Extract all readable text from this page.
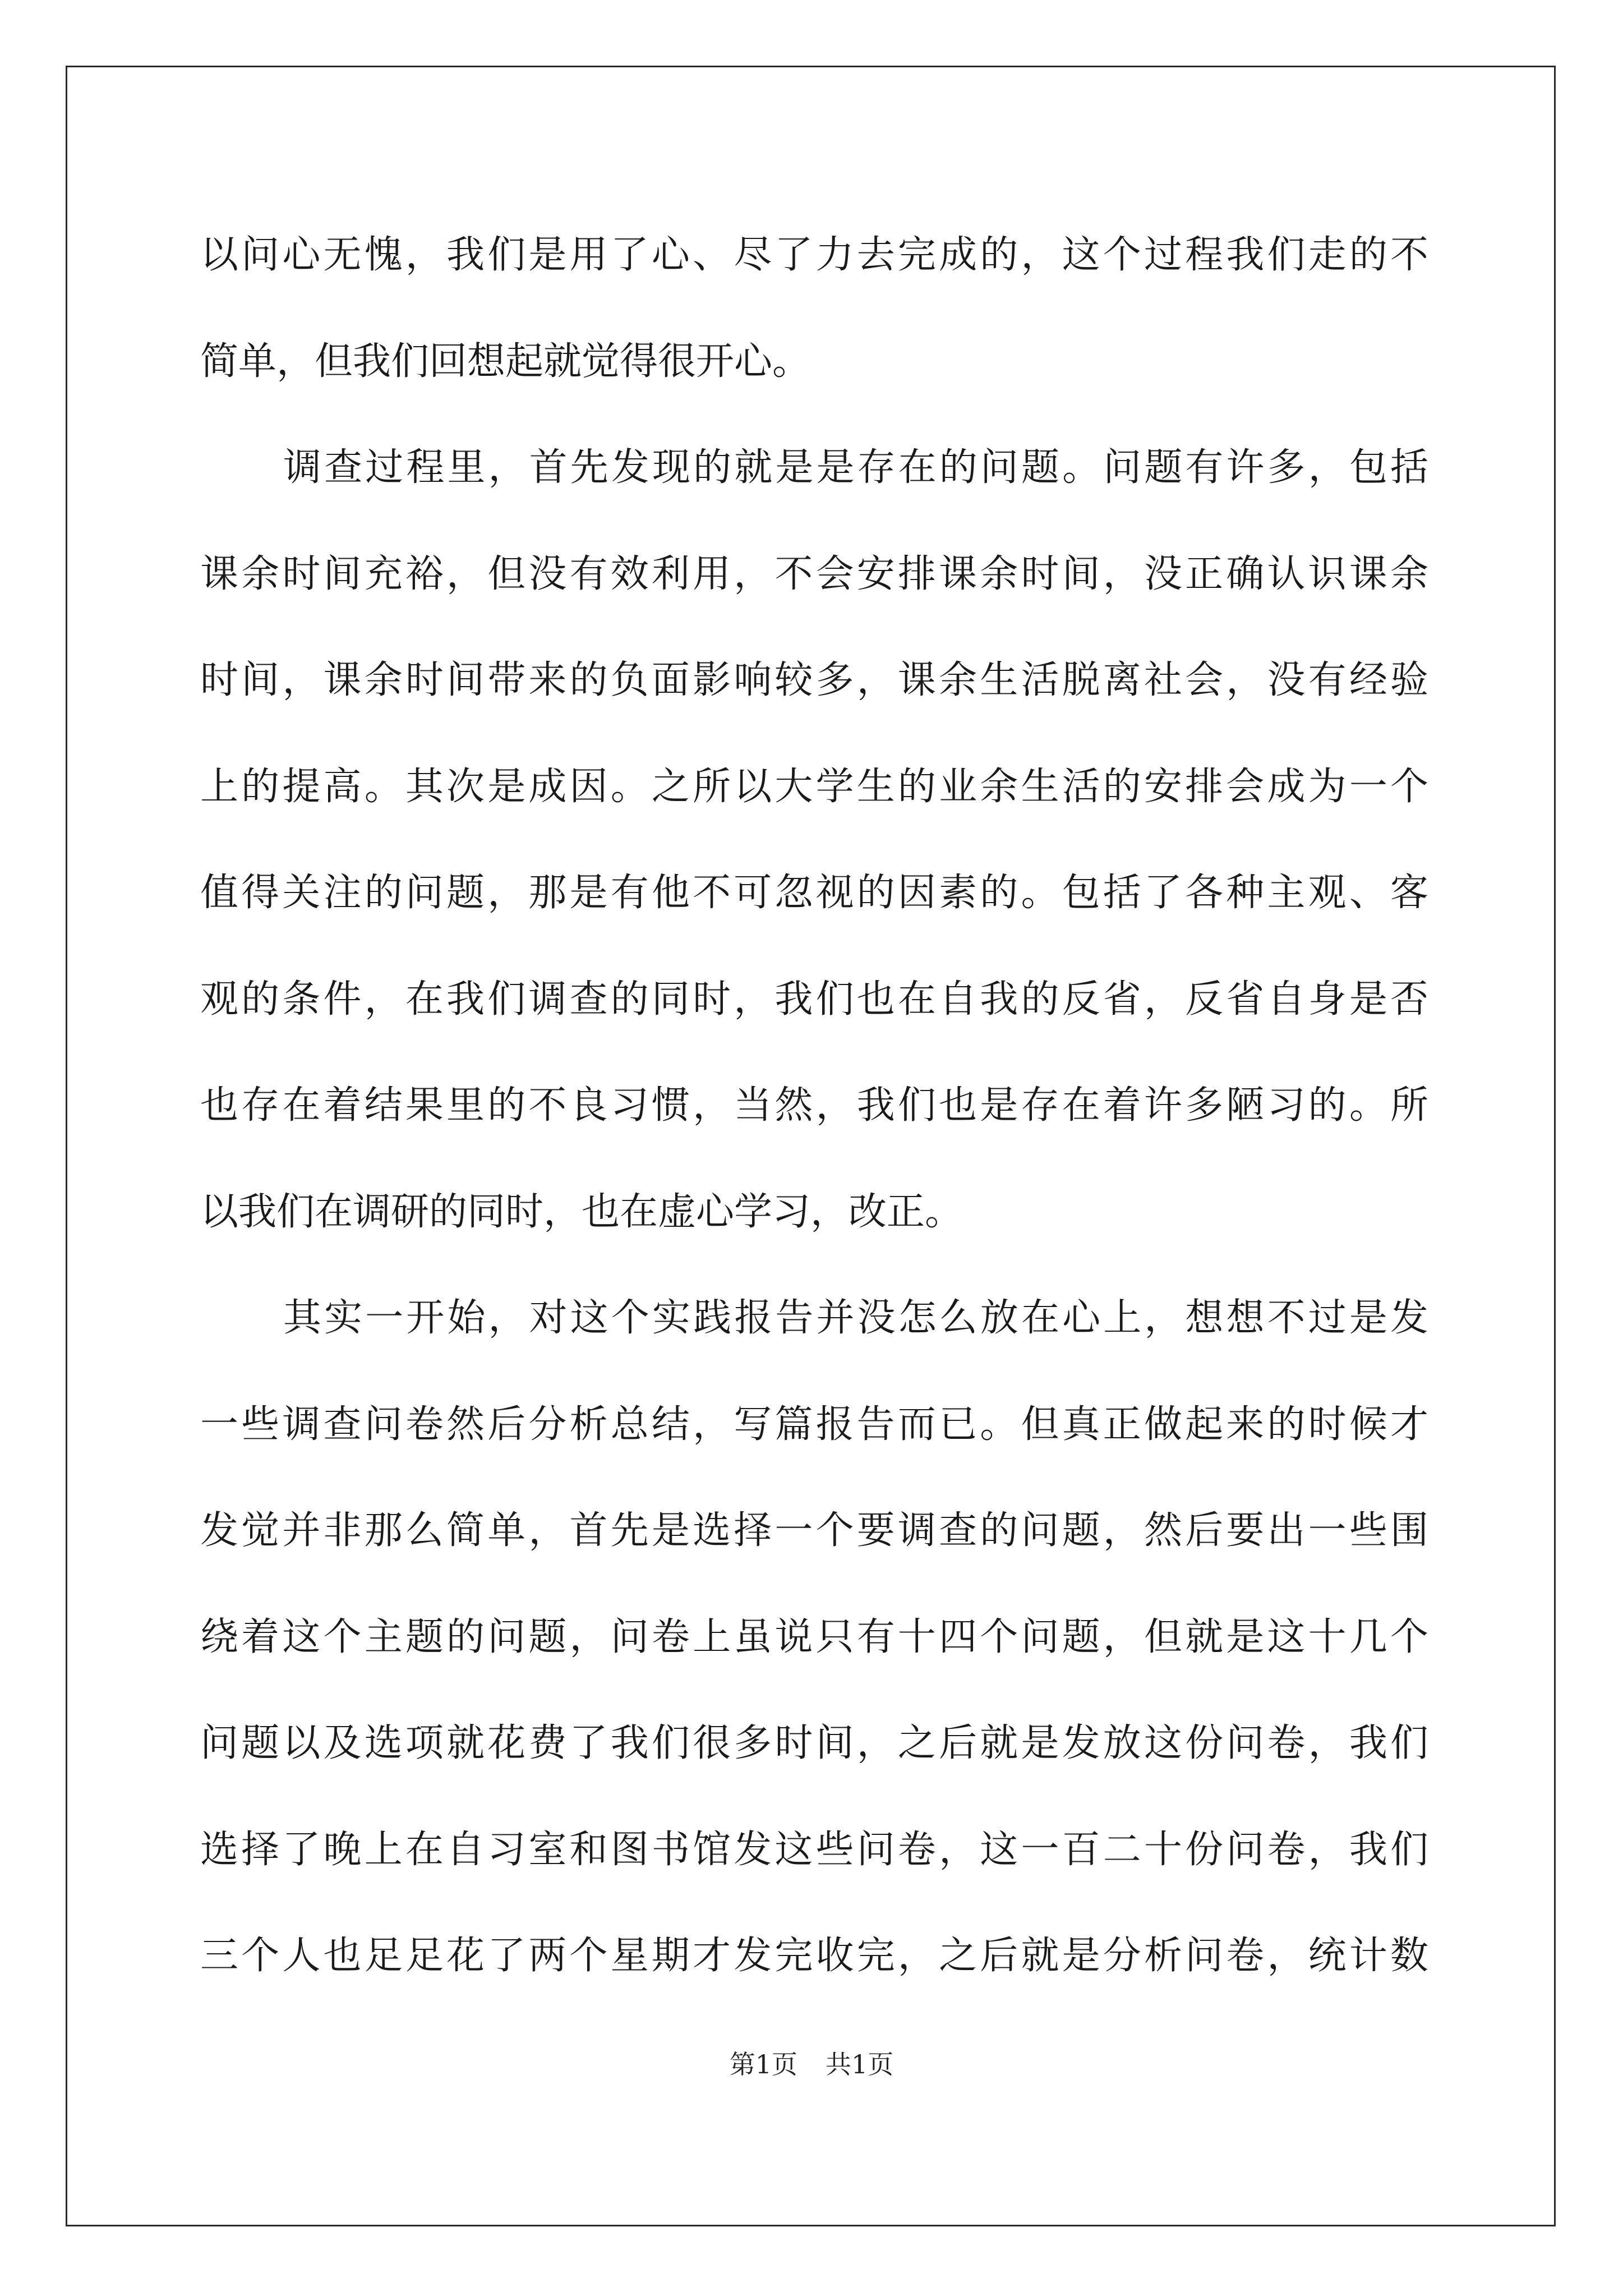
以问心无愧，我们是用了心、尽了力去完成的，这个过程我们走的不
简单，但我们回想起就觉得很开心。
调查过程里，首先发现的就是是存在的问题。问题有许多，包括
课余时间充裕，但没有效利用，不会安排课余时间，没正确认识课余
时间，课余时间带来的负面影响较多，课余生活脱离社会，没有经验
上的提高。其次是成因。之所以大学生的业余生活的安排会成为一个
值得关注的问题，那是有他不可忽视的因素的。包括了各种主观、客
观的条件，在我们调查的同时，我们也在自我的反省，反省自身是否
也存在着结果里的不良习惯，当然，我们也是存在着许多陋习的。所
以我们在调研的同时，也在虚心学习，改正。
其实一开始，对这个实践报告并没怎么放在心上，想想不过是发
一些调查问卷然后分析总结，写篇报告而已。但真正做起来的时候才
发觉并非那么简单，首先是选择一个要调查的问题，然后要出一些围
绕着这个主题的问题，问卷上虽说只有十四个问题，但就是这十几个
问题以及选项就花费了我们很多时间，之后就是发放这份问卷，我们
选择了晚上在自习室和图书馆发这些问卷，这一百二十份问卷，我们
三个人也足足花了两个星期才发完收完，之后就是分析问卷，统计数
第1页 共1页
